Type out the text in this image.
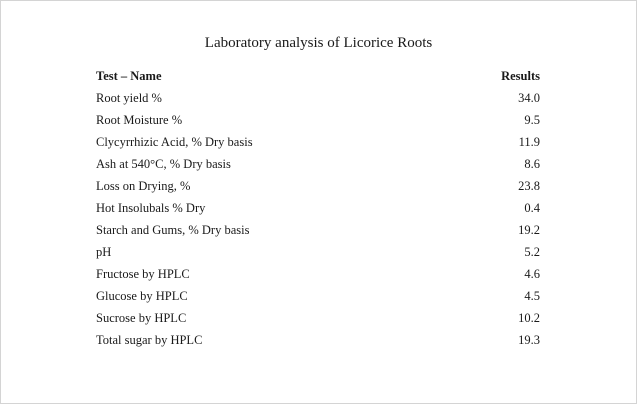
Laboratory analysis of Licorice Roots
Test – Name	Results
Root yield %	34.0
Root Moisture %	9.5
Clycyrrhizic Acid, % Dry basis	11.9
Ash at 540°C, % Dry basis	8.6
Loss on Drying, %	23.8
Hot Insolubals % Dry	0.4
Starch and Gums, % Dry basis	19.2
pH	5.2
Fructose by HPLC	4.6
Glucose by HPLC	4.5
Sucrose by HPLC	10.2
Total sugar by HPLC	19.3
